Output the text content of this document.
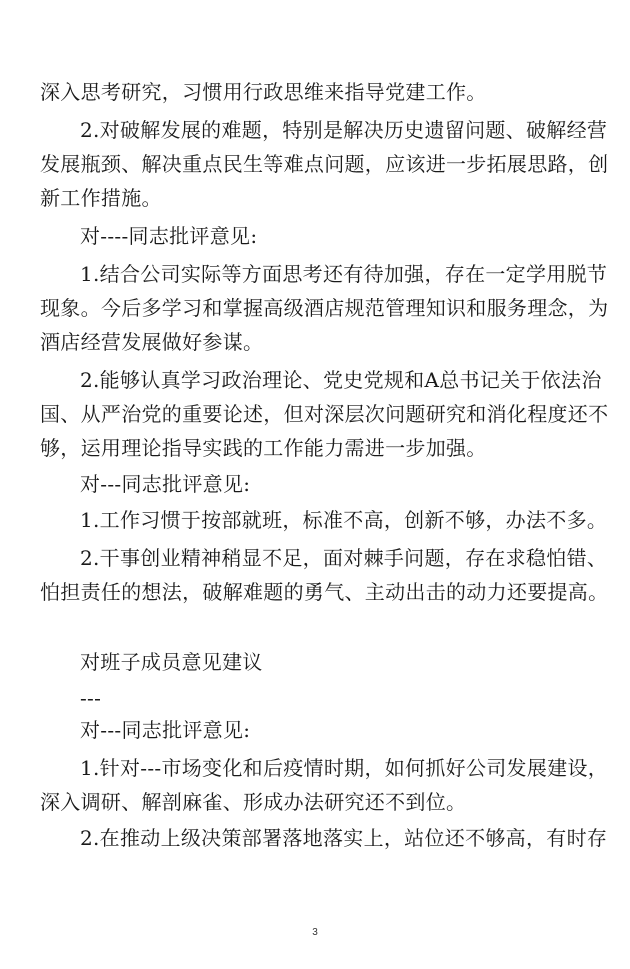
深入思考研究，习惯用行政思维来指导党建工作。
2.对破解发展的难题，特别是解决历史遗留问题、破解经营
发展瓶颈、解决重点民生等难点问题，应该进一步拓展思路，创
新工作措施。
对----同志批评意见:
1.结合公司实际等方面思考还有待加强，存在一定学用脱节
现象。今后多学习和掌握高级酒店规范管理知识和服务理念，为
酒店经营发展做好参谋。
2.能够认真学习政治理论、党史党规和A总书记关于依法治
国、从严治党的重要论述，但对深层次问题研究和消化程度还不
够，运用理论指导实践的工作能力需进一步加强。
对---同志批评意见:
1.工作习惯于按部就班，标准不高，创新不够，办法不多。
2.干事创业精神稍显不足，面对棘手问题，存在求稳怕错、
怕担责任的想法，破解难题的勇气、主动出击的动力还要提高。
对班子成员意见建议
---
对---同志批评意见:
1.针对---市场变化和后疫情时期，如何抓好公司发展建设，
深入调研、解剖麻雀、形成办法研究还不到位。
2.在推动上级决策部署落地落实上，站位还不够高，有时存
3
